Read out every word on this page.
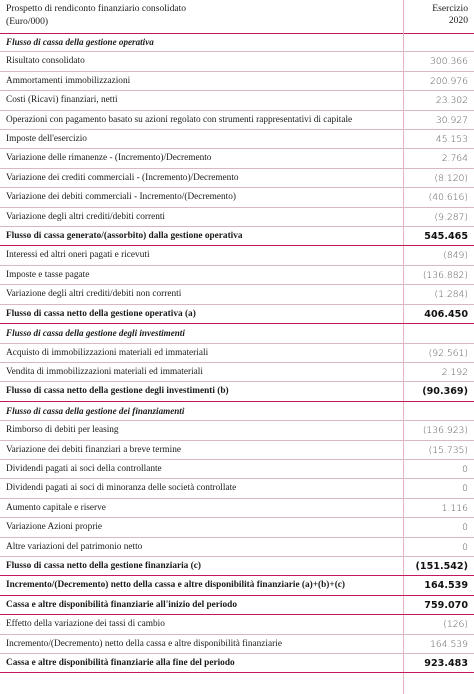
Prospetto di rendiconto finanziario consolidato
(Euro/000)
Esercizio
2020
Flusso di cassa della gestione operativa
Risultato consolidato	300.366
Ammortamenti immobilizzazioni	200.976
Costi (Ricavi) finanziari, netti	23.302
Operazioni con pagamento basato su azioni regolato con strumenti rappresentativi di capitale	30.927
Imposte dell'esercizio	45.153
Variazione delle rimanenze - (Incremento)/Decremento	2.764
Variazione dei crediti commerciali - (Incremento)/Decremento	(8.120)
Variazione dei debiti commerciali - Incremento/(Decremento)	(40.616)
Variazione degli altri crediti/debiti correnti	(9.287)
Flusso di cassa generato/(assorbito) dalla gestione operativa	545.465
Interessi ed altri oneri pagati e ricevuti	(849)
Imposte e tasse pagate	(136.882)
Variazione degli altri crediti/debiti non correnti	(1.284)
Flusso di cassa netto della gestione operativa (a)	406.450
Flusso di cassa della gestione degli investimenti
Acquisto di immobilizzazioni materiali ed immateriali	(92.561)
Vendita di immobilizzazioni materiali ed immateriali	2.192
Flusso di cassa netto della gestione degli investimenti (b)	(90.369)
Flusso di cassa della gestione dei finanziamenti
Rimborso di debiti per leasing	(136.923)
Variazione dei debiti finanziari a breve termine	(15.735)
Dividendi pagati ai soci della controllante	0
Dividendi pagati ai soci di minoranza delle società controllate	0
Aumento capitale e riserve	1.116
Variazione Azioni proprie	0
Altre variazioni del patrimonio netto	0
Flusso di cassa netto della gestione finanziaria (c)	(151.542)
Incremento/(Decremento) netto della cassa e altre disponibilità finanziarie (a)+(b)+(c)	164.539
Cassa e altre disponibilità finanziarie all'inizio del periodo	759.070
Effetto della variazione dei tassi di cambio	(126)
Incremento/(Decremento) netto della cassa e altre disponibilità finanziarie	164.539
Cassa e altre disponibilità finanziarie alla fine del periodo	923.483
